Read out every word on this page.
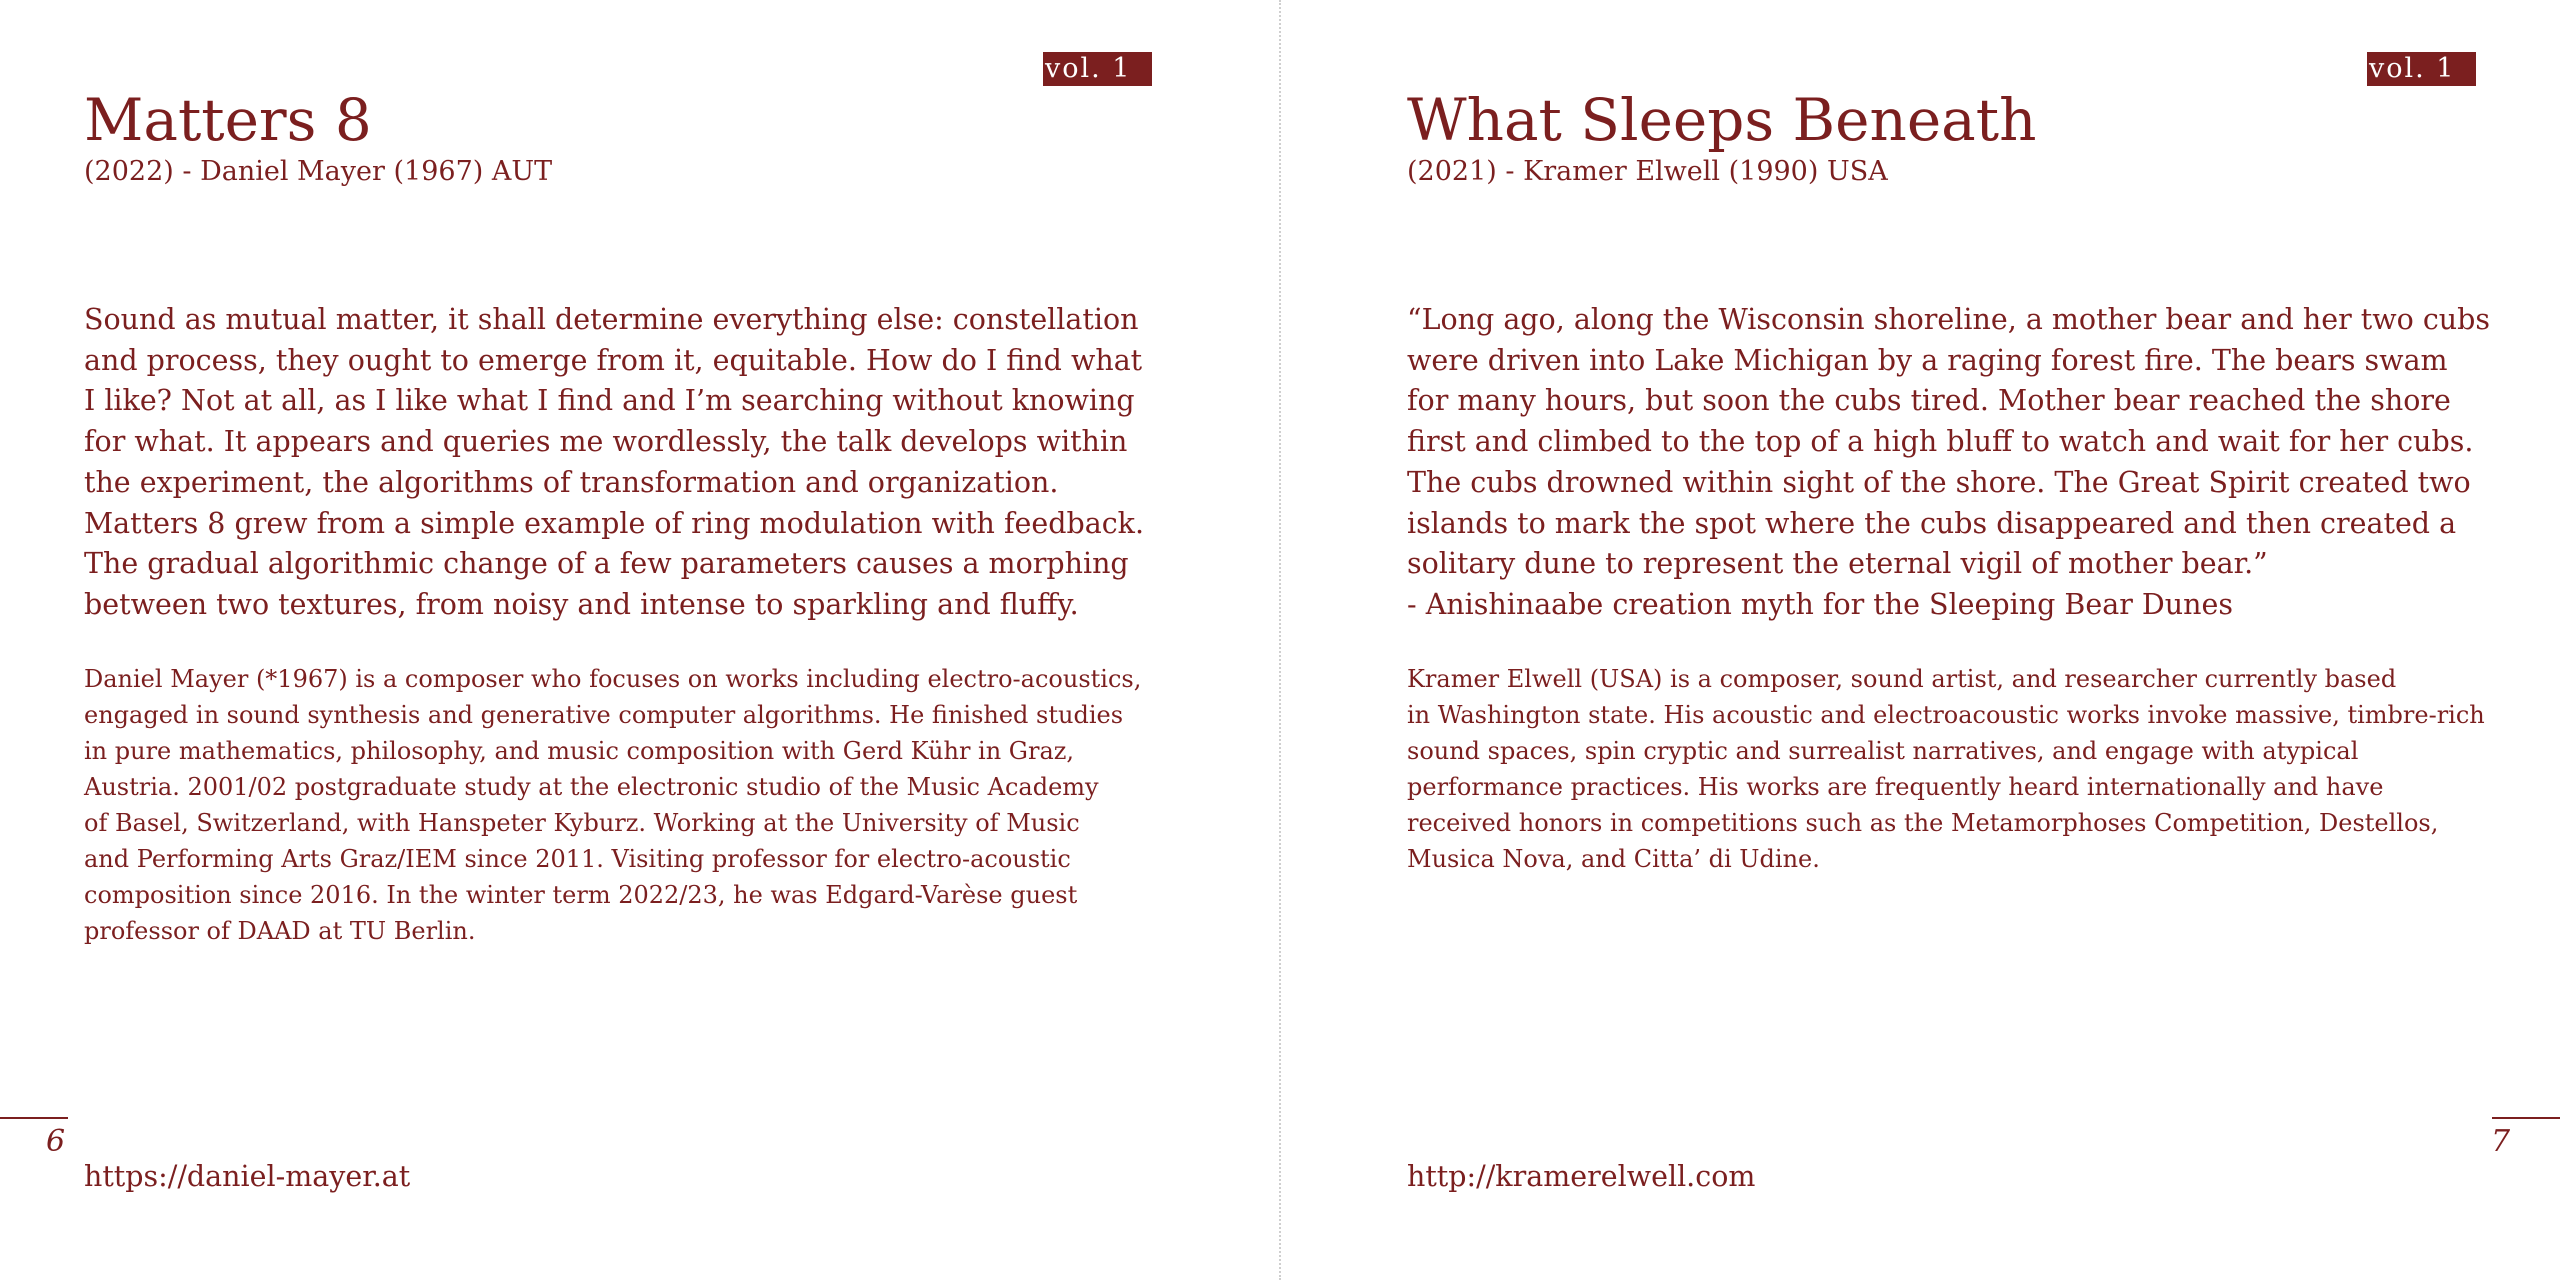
vol. 1
Matters 8
(2022) - Daniel Mayer (1967) AUT

Sound as mutual matter, it shall determine everything else: constellation
and process, they ought to emerge from it, equitable. How do I find what
I like? Not at all, as I like what I find and I’m searching without knowing
for what. It appears and queries me wordlessly, the talk develops within
the experiment, the algorithms of transformation and organization.
Matters 8 grew from a simple example of ring modulation with feedback.
The gradual algorithmic change of a few parameters causes a morphing
between two textures, from noisy and intense to sparkling and fluffy.

Daniel Mayer (*1967) is a composer who focuses on works including electro-acoustics,
engaged in sound synthesis and generative computer algorithms. He finished studies
in pure mathematics, philosophy, and music composition with Gerd Kühr in Graz,
Austria. 2001/02 postgraduate study at the electronic studio of the Music Academy
of Basel, Switzerland, with Hanspeter Kyburz. Working at the University of Music
and Performing Arts Graz/IEM since 2011. Visiting professor for electro-acoustic
composition since 2016. In the winter term 2022/23, he was Edgard-Varèse guest
professor of DAAD at TU Berlin.

6
https://daniel-mayer.at
vol. 1
What Sleeps Beneath
(2021) - Kramer Elwell (1990) USA

“Long ago, along the Wisconsin shoreline, a mother bear and her two cubs
were driven into Lake Michigan by a raging forest fire. The bears swam
for many hours, but soon the cubs tired. Mother bear reached the shore
first and climbed to the top of a high bluff to watch and wait for her cubs.
The cubs drowned within sight of the shore. The Great Spirit created two
islands to mark the spot where the cubs disappeared and then created a
solitary dune to represent the eternal vigil of mother bear.”
- Anishinaabe creation myth for the Sleeping Bear Dunes

Kramer Elwell (USA) is a composer, sound artist, and researcher currently based
in Washington state. His acoustic and electroacoustic works invoke massive, timbre-rich
sound spaces, spin cryptic and surrealist narratives, and engage with atypical
performance practices. His works are frequently heard internationally and have
received honors in competitions such as the Metamorphoses Competition, Destellos,
Musica Nova, and Citta’ di Udine.

7
http://kramerelwell.com
